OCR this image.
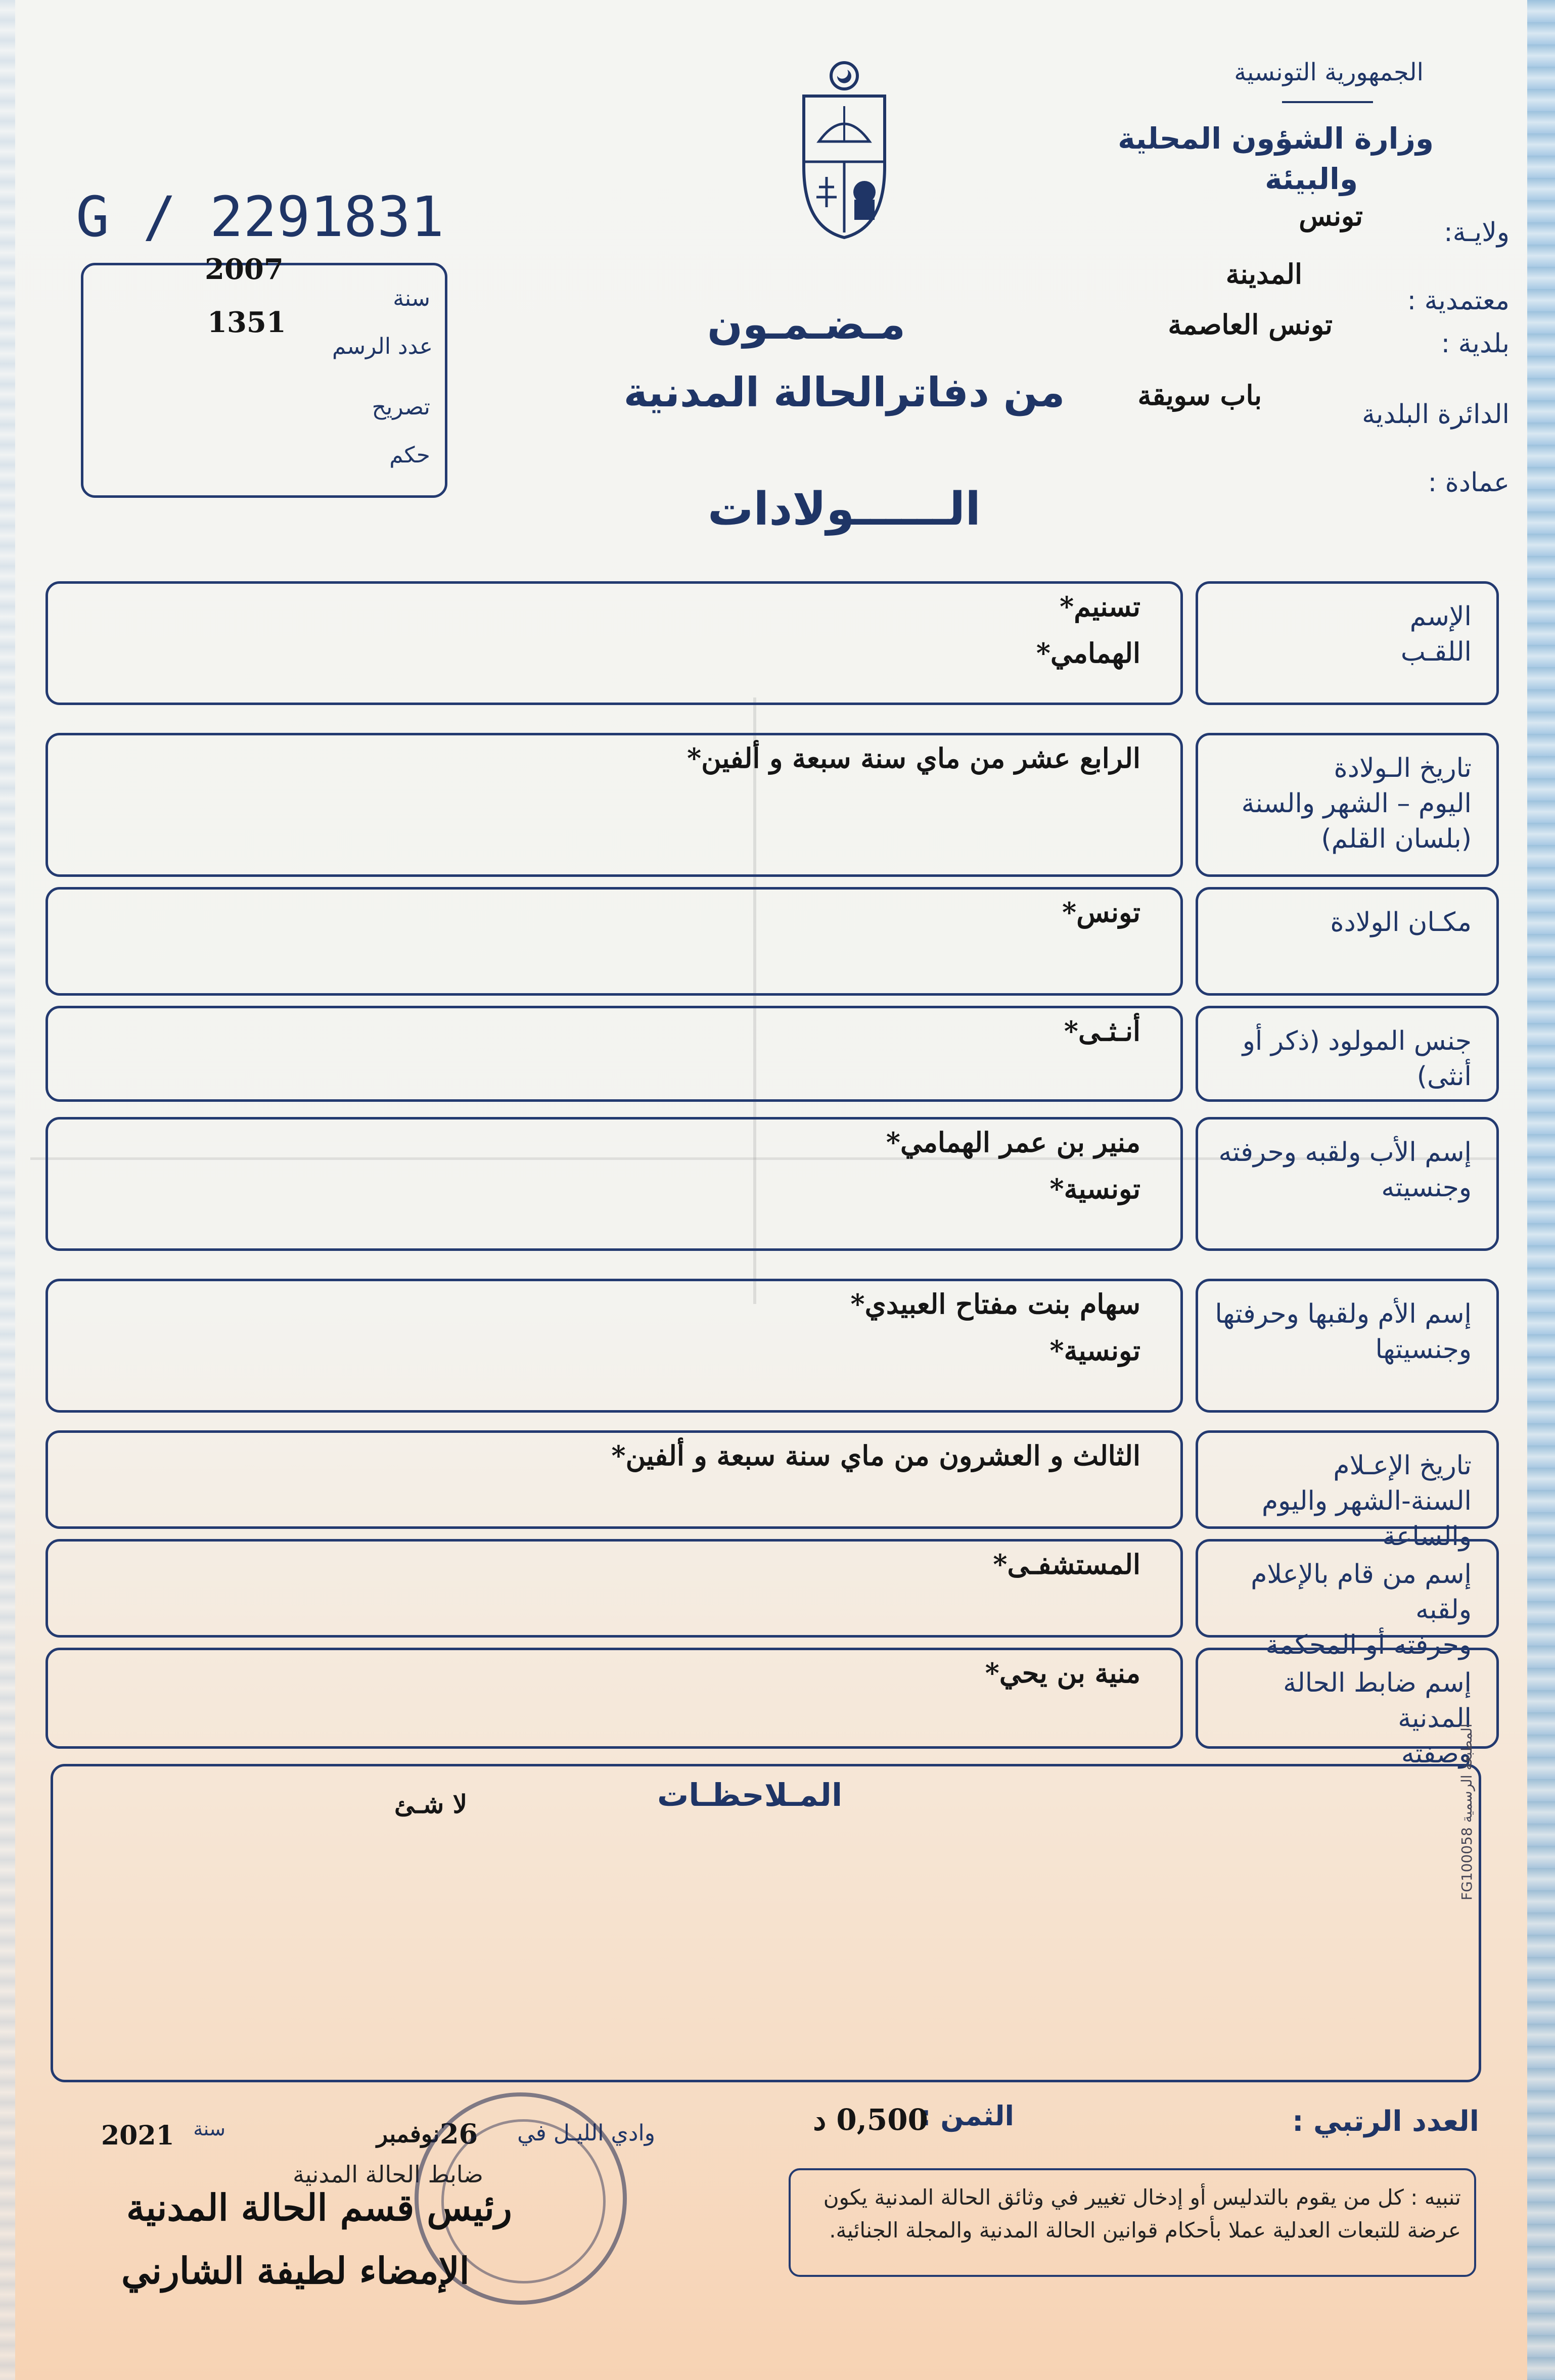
الجمهورية التونسية
وزارة الشؤون المحلية
والبيئة
G / 2291831
2007
سنة
1351
عدد الرسم
تصريح
حكم
ولايـة:
تونس
معتمدية :
المدينة
بلدية :
تونس العاصمة
الدائرة البلدية
باب سويقة
عمادة :
مـضـمـون
من دفاترالحالة المدنية
الــــــولادات
الإسم
اللقـب
تسنيم*
الهمامي*
تاريخ الـولادة
اليوم – الشهر والسنة
(بلسان القلم)
الرابع عشر من ماي سنة سبعة و ألفين*
مكـان الولادة
تونس*
جنس المولود (ذكر أو أنثى)
أنـثـى*
إسم الأب ولقبه وحرفته
وجنسيته
منير بن عمر الهمامي*
تونسية*
إسم الأم ولقبها وحرفتها
وجنسيتها
سهام بنت مفتاح العبيدي*
تونسية*
تاريخ الإعـلام
السنة-الشهر واليوم والساعة
الثالث و العشرون من ماي سنة سبعة و ألفين*
إسم من قام بالإعلام ولقبه
وحرفته أو المحكمة
المستشفـى*
إسم ضابط الحالة المدنية
وصفته
منية بن يحي*
المـلاحظـات
لا شـئ
المطبعة الرسمية FG100058
العدد الرتبي :
الثمن :
0,500 د
وادي الليـل في
26
نوفمبر
سنة
2021
ضابط الحالة المدنية
رئيس قسم الحالة المدنية
الإمضاء لطيفة الشارني
تنبيه : كل من يقوم بالتدليس أو إدخال تغيير في وثائق الحالة المدنية يكون عرضة للتبعات العدلية عملا بأحكام قوانين الحالة المدنية والمجلة الجنائية.
